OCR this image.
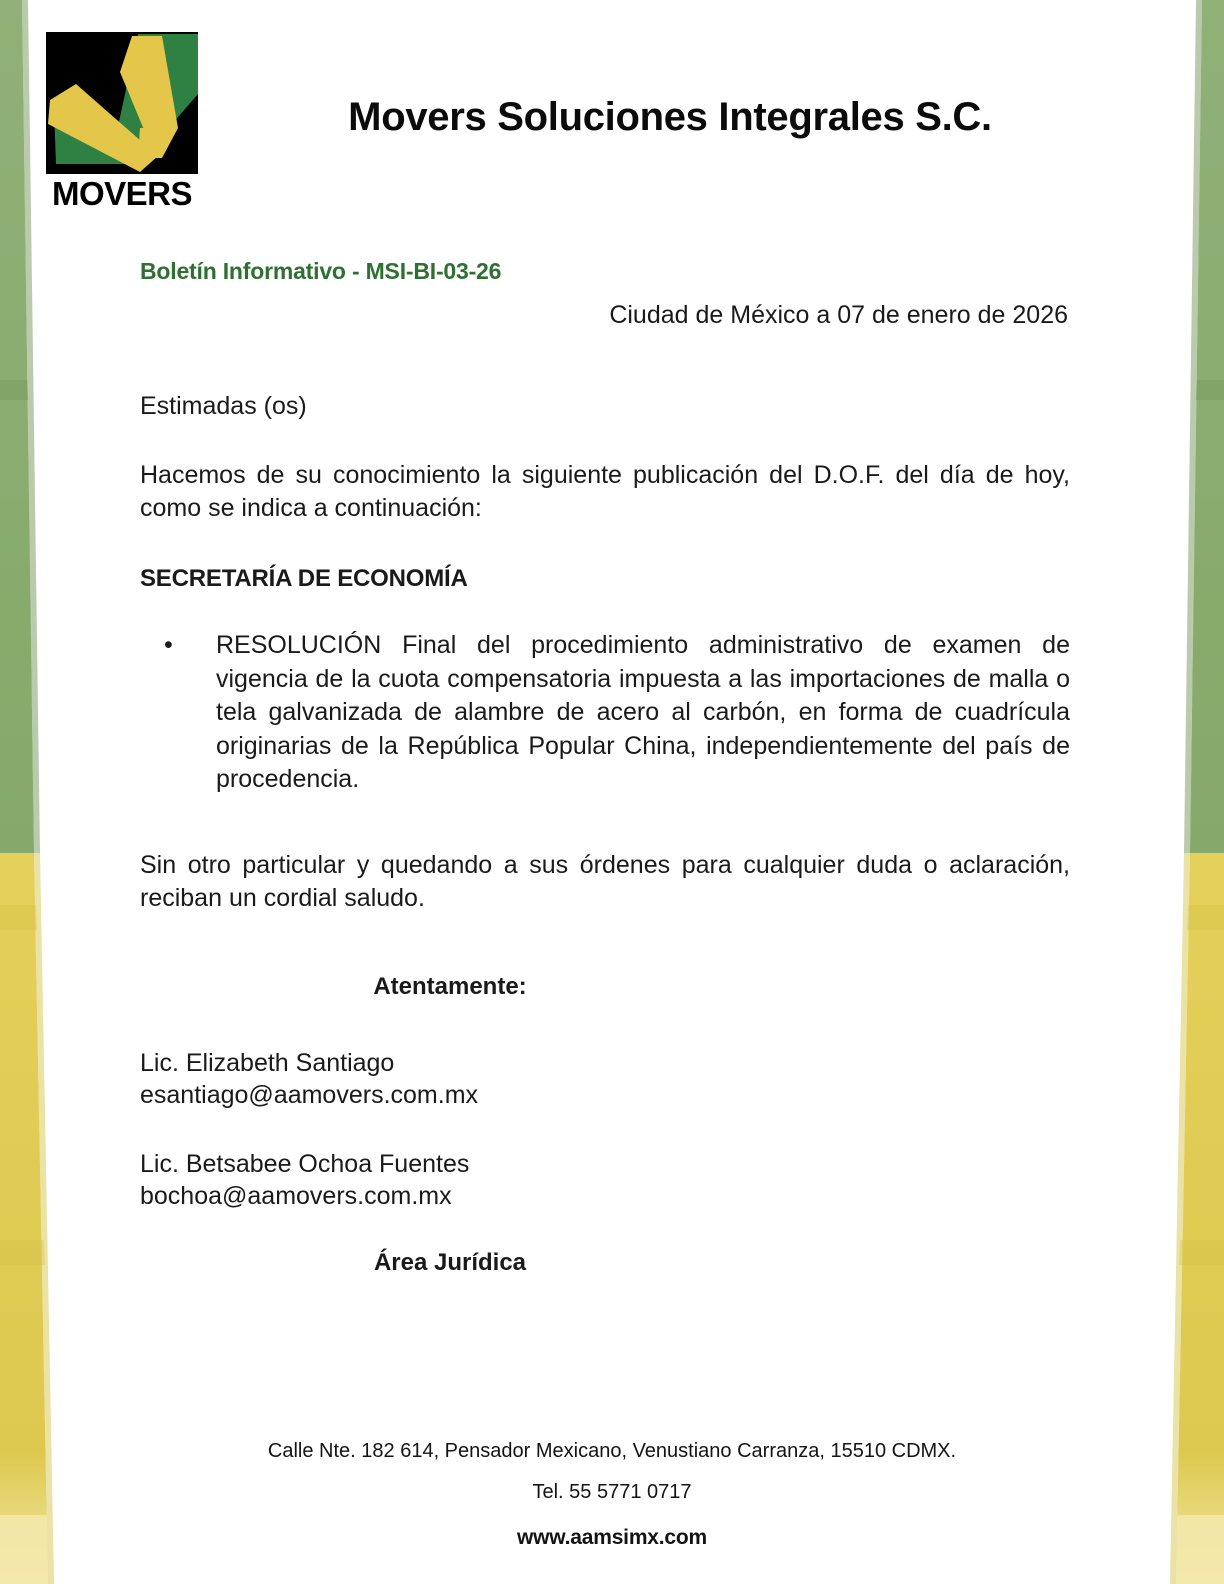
MOVERS
Movers Soluciones Integrales S.C.
Boletín Informativo - MSI-BI-03-26
Ciudad de México a 07 de enero de 2026

Estimadas (os)

Hacemos de su conocimiento la siguiente publicación del D.O.F. del día de hoy, como se indica a continuación:

SECRETARÍA DE ECONOMÍA
• RESOLUCIÓN Final del procedimiento administrativo de examen de vigencia de la cuota compensatoria impuesta a las importaciones de malla o tela galvanizada de alambre de acero al carbón, en forma de cuadrícula originarias de la República Popular China, independientemente del país de procedencia.

Sin otro particular y quedando a sus órdenes para cualquier duda o aclaración, reciban un cordial saludo.

Atentamente:
Lic. Elizabeth Santiago
esantiago@aamovers.com.mx
Lic. Betsabee Ochoa Fuentes
bochoa@aamovers.com.mx
Área Jurídica
Calle Nte. 182 614, Pensador Mexicano, Venustiano Carranza, 15510 CDMX.
Tel. 55 5771 0717
www.aamsimx.com
